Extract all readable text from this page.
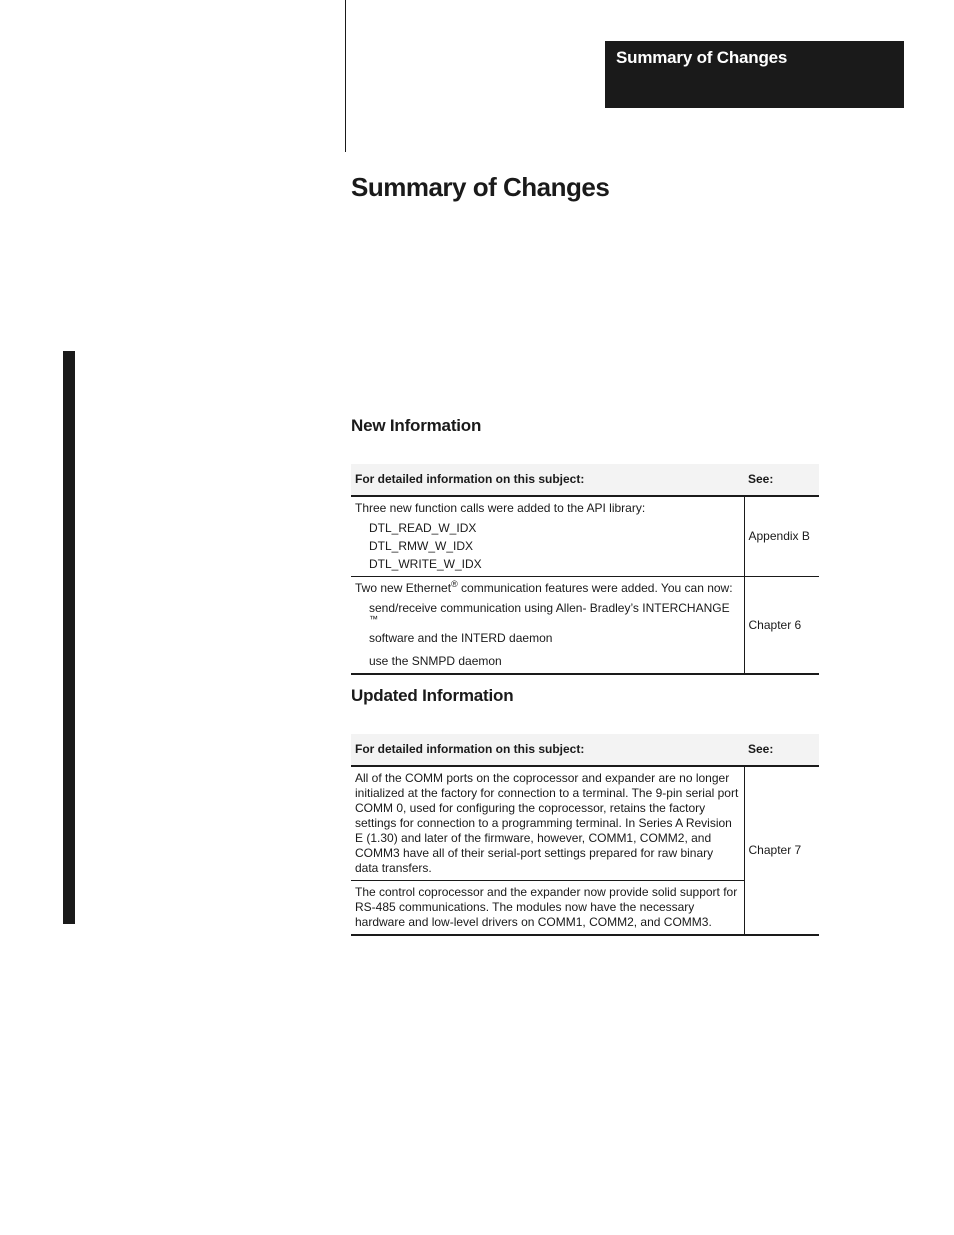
Summary of Changes
Summary of Changes
New Information
For detailed information on this subject:	See:

Three new function calls were added to the API library:
DTL_READ_W_IDX
DTL_RMW_W_IDX
DTL_WRITE_W_IDX	Appendix B

Two new Ethernet® communication features were added. You can now:
send/receive communication using Allen- Bradley’s INTERCHANGE ™
software and the INTERD daemon
use the SNMPD daemon	Chapter 6
Updated Information
For detailed information on this subject:	See:
All of the COMM ports on the coprocessor and expander are no longer initialized at the factory for connection to a terminal. The 9-pin serial port COMM 0, used for configuring the coprocessor, retains the factory settings for connection to a programming terminal. In Series A Revision E (1.30) and later of the firmware, however, COMM1, COMM2, and COMM3 have all of their serial-port settings prepared for raw binary data transfers.	Chapter 7
The control coprocessor and the expander now provide solid support for RS-485 communications. The modules now have the necessary hardware and low-level drivers on COMM1, COMM2, and COMM3.	
